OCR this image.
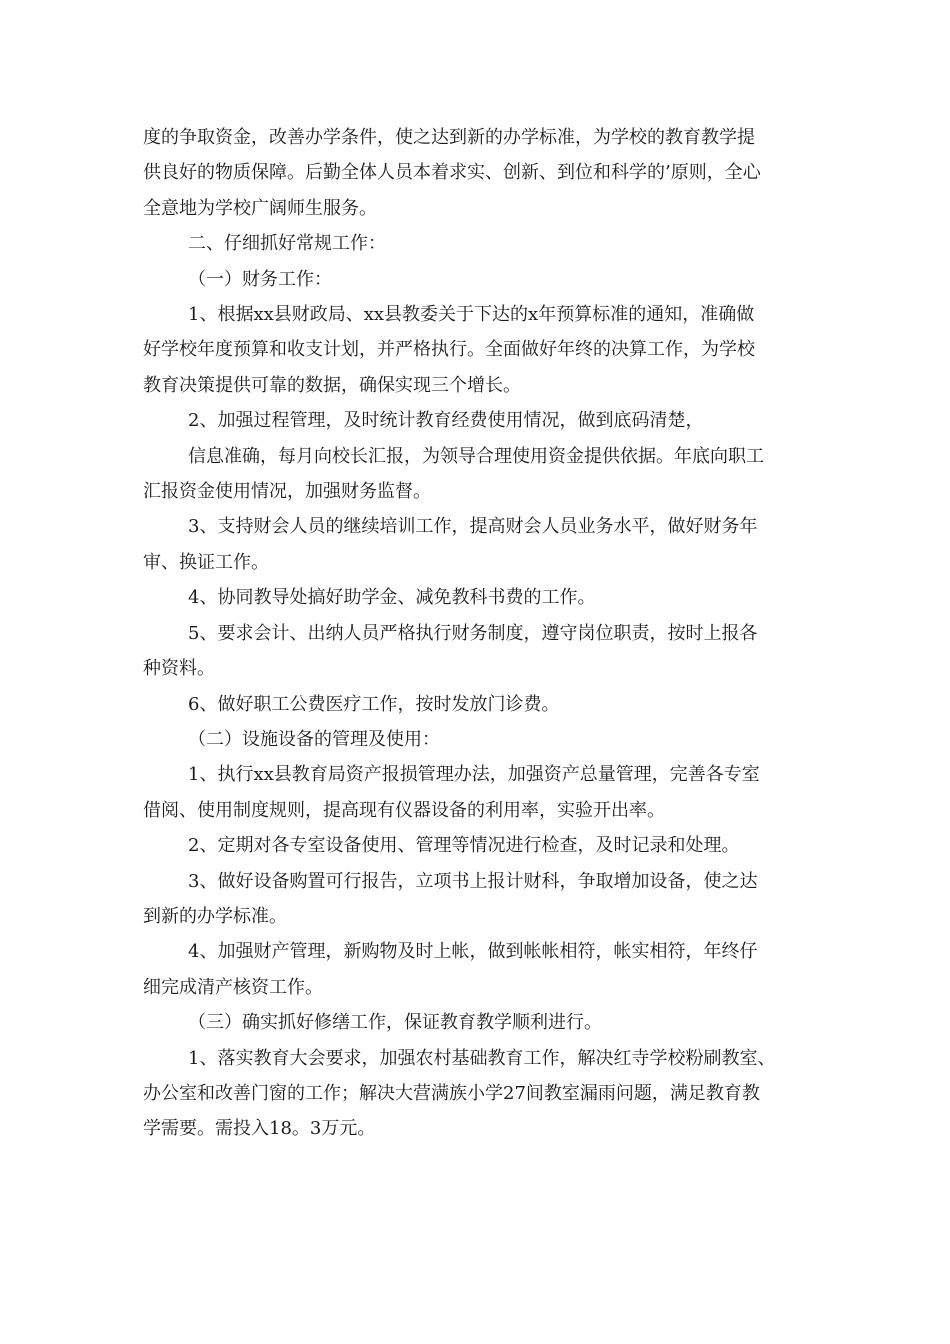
度的争取资金，改善办学条件，使之达到新的办学标准，为学校的教育教学提
供良好的物质保障。后勤全体人员本着求实、创新、到位和科学的’原则，全心
全意地为学校广阔师生服务。
二、仔细抓好常规工作：
（一）财务工作：
1、根据xx县财政局、xx县教委关于下达的x年预算标准的通知，准确做
好学校年度预算和收支计划，并严格执行。全面做好年终的决算工作，为学校
教育决策提供可靠的数据，确保实现三个增长。
2、加强过程管理，及时统计教育经费使用情况，做到底码清楚，
信息准确，每月向校长汇报，为领导合理使用资金提供依据。年底向职工
汇报资金使用情况，加强财务监督。
3、支持财会人员的继续培训工作，提高财会人员业务水平，做好财务年
审、换证工作。
4、协同教导处搞好助学金、减免教科书费的工作。
5、要求会计、出纳人员严格执行财务制度，遵守岗位职责，按时上报各
种资料。
6、做好职工公费医疗工作，按时发放门诊费。
（二）设施设备的管理及使用：
1、执行xx县教育局资产报损管理办法，加强资产总量管理，完善各专室
借阅、使用制度规则，提高现有仪器设备的利用率，实验开出率。
2、定期对各专室设备使用、管理等情况进行检查，及时记录和处理。
3、做好设备购置可行报告，立项书上报计财科，争取增加设备，使之达
到新的办学标准。
4、加强财产管理，新购物及时上帐，做到帐帐相符，帐实相符，年终仔
细完成清产核资工作。
（三）确实抓好修缮工作，保证教育教学顺利进行。
1、落实教育大会要求，加强农村基础教育工作，解决红寺学校粉刷教室、
办公室和改善门窗的工作；解决大营满族小学27间教室漏雨问题，满足教育教
学需要。需投入18。3万元。
